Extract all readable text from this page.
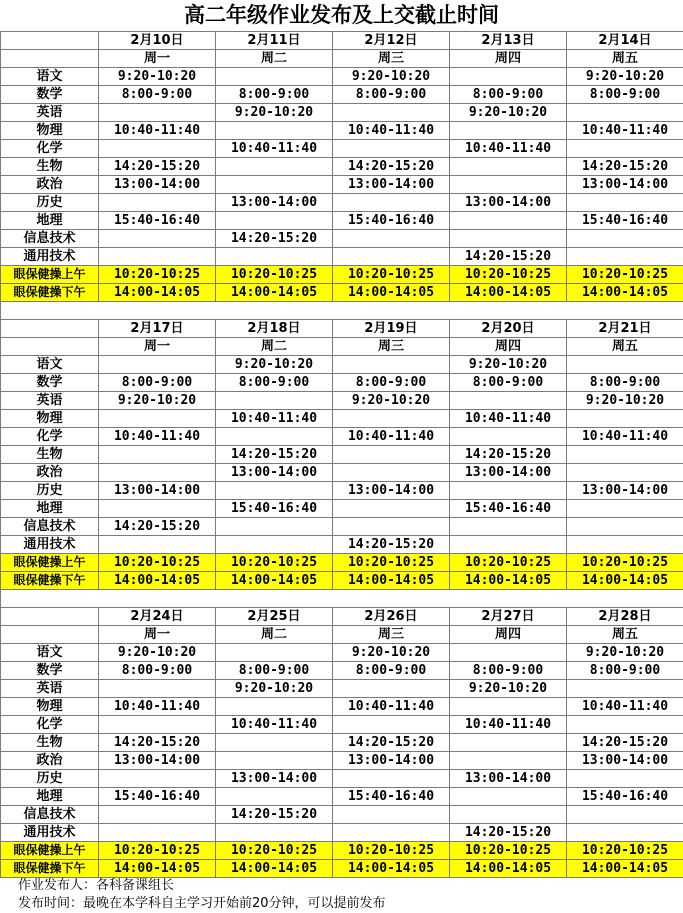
高二年级作业发布及上交截止时间
	2月10日	2月11日	2月12日	2月13日	2月14日
	周一	周二	周三	周四	周五
语文	9:20-10:20		9:20-10:20		9:20-10:20
数学	8:00-9:00	8:00-9:00	8:00-9:00	8:00-9:00	8:00-9:00
英语		9:20-10:20		9:20-10:20	
物理	10:40-11:40		10:40-11:40		10:40-11:40
化学		10:40-11:40		10:40-11:40	
生物	14:20-15:20		14:20-15:20		14:20-15:20
政治	13:00-14:00		13:00-14:00		13:00-14:00
历史		13:00-14:00		13:00-14:00	
地理	15:40-16:40		15:40-16:40		15:40-16:40
信息技术		14:20-15:20			
通用技术				14:20-15:20	
眼保健操上午	10:20-10:25	10:20-10:25	10:20-10:25	10:20-10:25	10:20-10:25
眼保健操下午	14:00-14:05	14:00-14:05	14:00-14:05	14:00-14:05	14:00-14:05

	2月17日	2月18日	2月19日	2月20日	2月21日
	周一	周二	周三	周四	周五
语文		9:20-10:20		9:20-10:20	
数学	8:00-9:00	8:00-9:00	8:00-9:00	8:00-9:00	8:00-9:00
英语	9:20-10:20		9:20-10:20		9:20-10:20
物理		10:40-11:40		10:40-11:40	
化学	10:40-11:40		10:40-11:40		10:40-11:40
生物		14:20-15:20		14:20-15:20	
政治		13:00-14:00		13:00-14:00	
历史	13:00-14:00		13:00-14:00		13:00-14:00
地理		15:40-16:40		15:40-16:40	
信息技术	14:20-15:20				
通用技术			14:20-15:20		
眼保健操上午	10:20-10:25	10:20-10:25	10:20-10:25	10:20-10:25	10:20-10:25
眼保健操下午	14:00-14:05	14:00-14:05	14:00-14:05	14:00-14:05	14:00-14:05

	2月24日	2月25日	2月26日	2月27日	2月28日
	周一	周二	周三	周四	周五
语文	9:20-10:20		9:20-10:20		9:20-10:20
数学	8:00-9:00	8:00-9:00	8:00-9:00	8:00-9:00	8:00-9:00
英语		9:20-10:20		9:20-10:20	
物理	10:40-11:40		10:40-11:40		10:40-11:40
化学		10:40-11:40		10:40-11:40	
生物	14:20-15:20		14:20-15:20		14:20-15:20
政治	13:00-14:00		13:00-14:00		13:00-14:00
历史		13:00-14:00		13:00-14:00	
地理	15:40-16:40		15:40-16:40		15:40-16:40
信息技术		14:20-15:20			
通用技术				14:20-15:20	
眼保健操上午	10:20-10:25	10:20-10:25	10:20-10:25	10:20-10:25	10:20-10:25
眼保健操下午	14:00-14:05	14:00-14:05	14:00-14:05	14:00-14:05	14:00-14:05
作业发布人：各科备课组长
发布时间：最晚在本学科自主学习开始前20分钟，可以提前发布
